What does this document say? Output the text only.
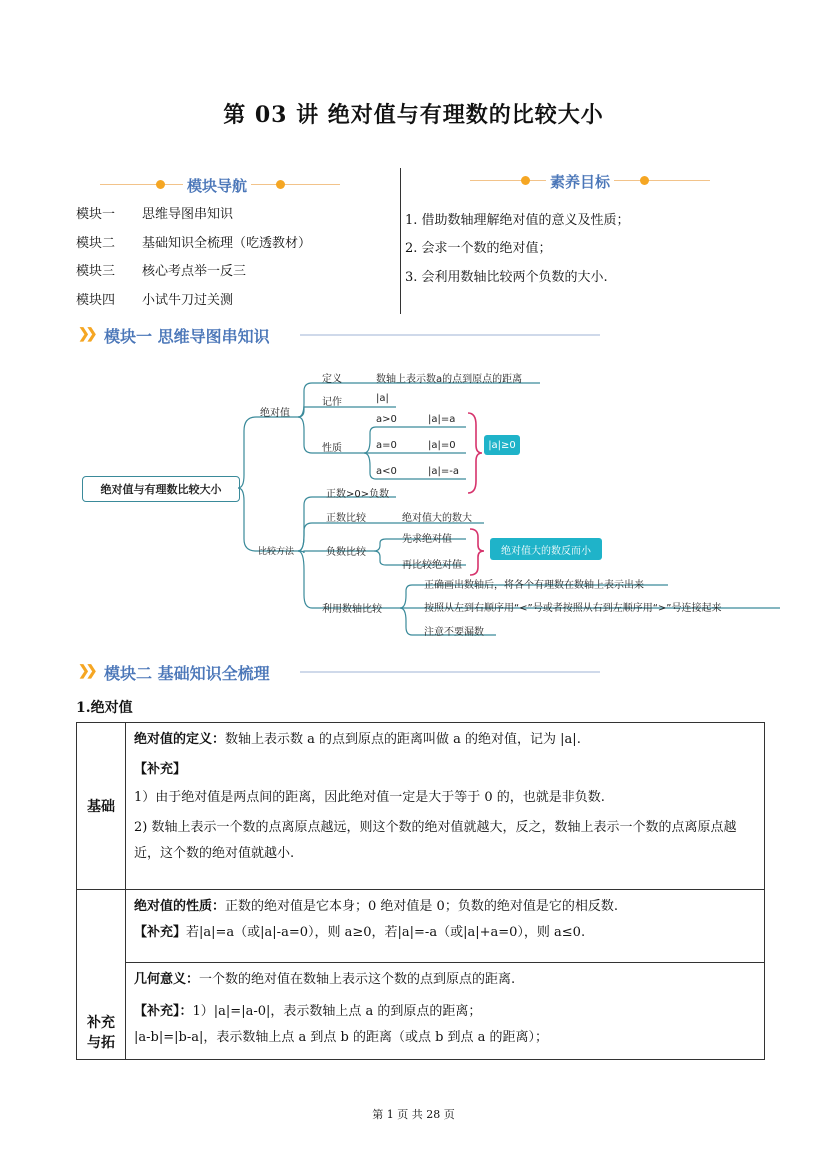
第 03 讲 绝对值与有理数的比较大小
模块导航
模块一 思维导图串知识
模块二 基础知识全梳理（吃透教材）
模块三 核心考点举一反三
模块四 小试牛刀过关测
素养目标
1. 借助数轴理解绝对值的意义及性质；
2. 会求一个数的绝对值；
3. 会利用数轴比较两个负数的大小.
❯❯ 模块一 思维导图串知识
绝对值与有理数比较大小
绝对值
定义	数轴上表示数a的点到原点的距离
记作	|a|
性质
a>0	|a|=a
a=0	|a|=0
a<0	|a|=-a
|a|≥0
比较方法
正数>0>负数
正数比较	绝对值大的数大
负数比较
先求绝对值
再比较绝对值
绝对值大的数反而小
利用数轴比较
正确画出数轴后，将各个有理数在数轴上表示出来
按照从左到右顺序用“<”号或者按照从右到左顺序用“>”号连接起来
注意不要漏数
❯❯ 模块二 基础知识全梳理
1.绝对值
基础	绝对值的定义：数轴上表示数 a 的点到原点的距离叫做 a 的绝对值，记为 |a|.
【补充】
1）由于绝对值是两点间的距离，因此绝对值一定是大于等于 0 的，也就是非负数.
2) 数轴上表示一个数的点离原点越远，则这个数的绝对值就越大，反之，数轴上表示一个数的点离原点越近，这个数的绝对值就越小.

补充与拓	绝对值的性质：正数的绝对值是它本身；0 绝对值是 0；负数的绝对值是它的相反数.
【补充】若|a|=a（或|a|-a=0），则 a≥0，若|a|=-a（或|a|+a=0），则 a≤0.

	几何意义：一个数的绝对值在数轴上表示这个数的点到原点的距离.
【补充】：1）|a|=|a-0|，表示数轴上点 a 的到原点的距离；
|a-b|=|b-a|，表示数轴上点 a 到点 b 的距离（或点 b 到点 a 的距离）；
第 1 页 共 28 页
